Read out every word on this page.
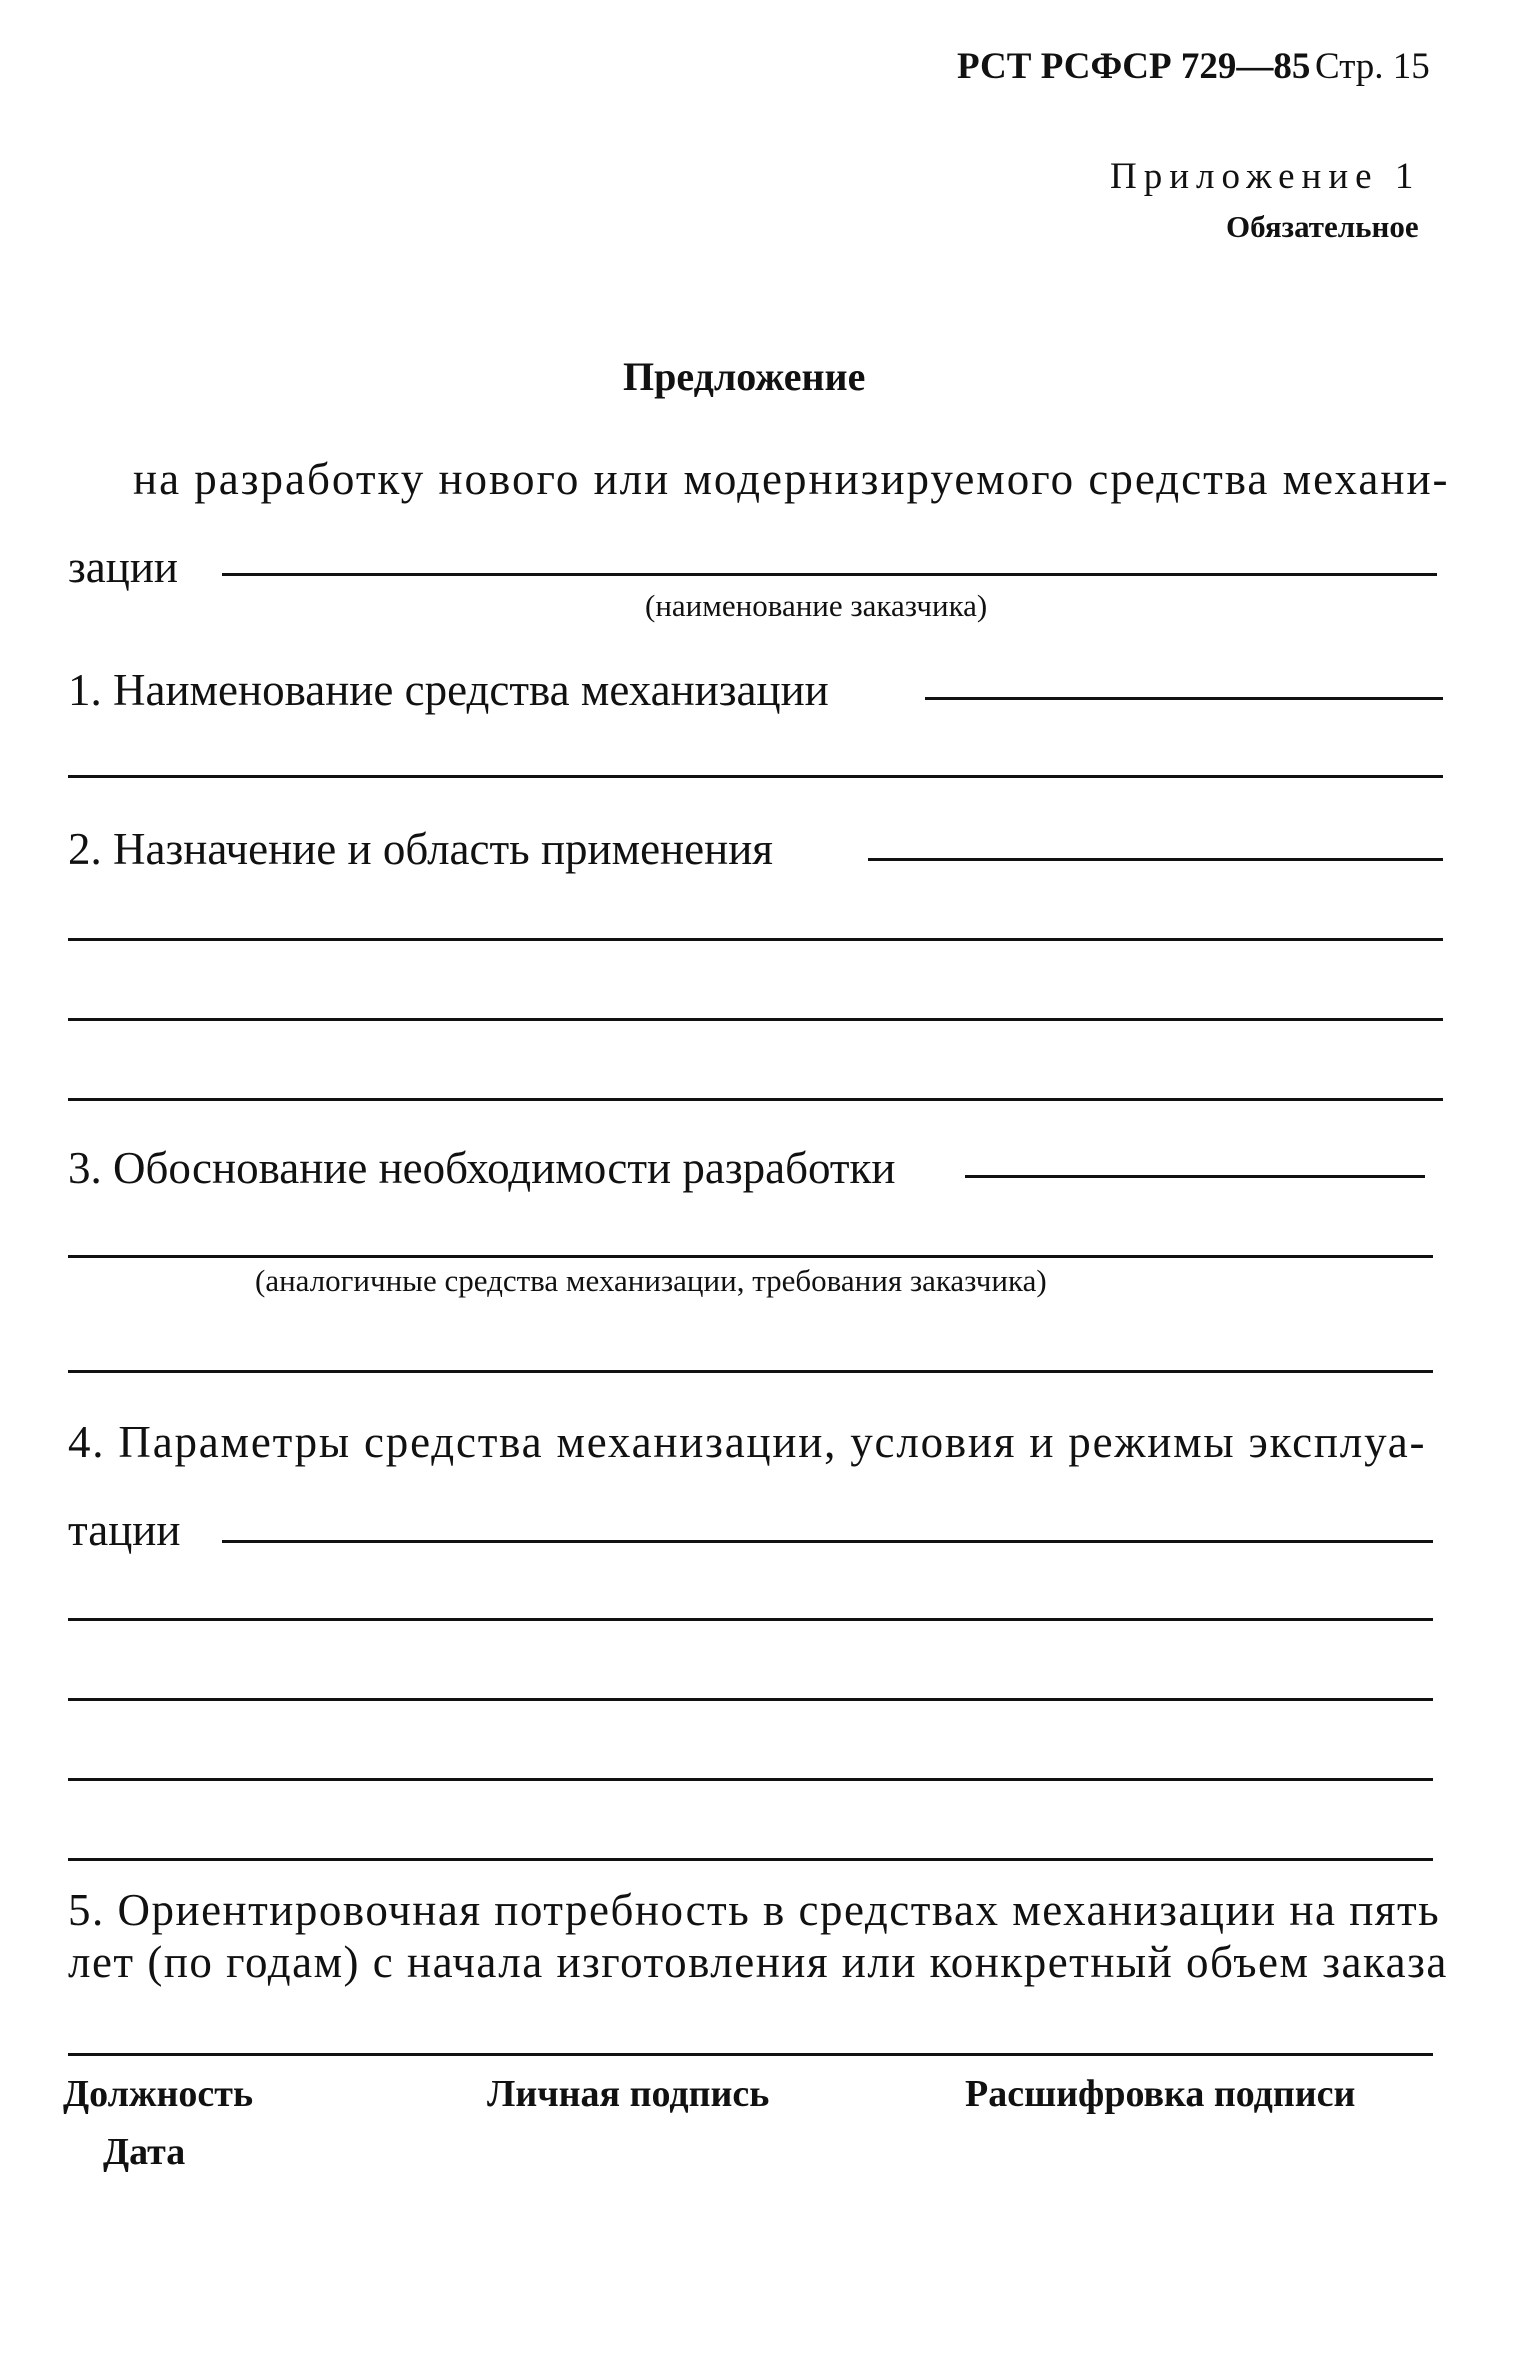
РСТ РСФСР 729—85 Стр. 15
Приложение 1
Обязательное
Предложение
на разработку нового или модернизируемого средства механи-
зации
(наименование заказчика)
1. Наименование средства механизации
2. Назначение и область применения
3. Обоснование необходимости разработки
(аналогичные средства механизации, требования заказчика)
4. Параметры средства механизации, условия и режимы эксплуа-
тации
5. Ориентировочная потребность в средствах механизации на пять
лет (по годам) с начала изготовления или конкретный объем заказа
Должность	Личная подпись	Расшифровка подписи
Дата
